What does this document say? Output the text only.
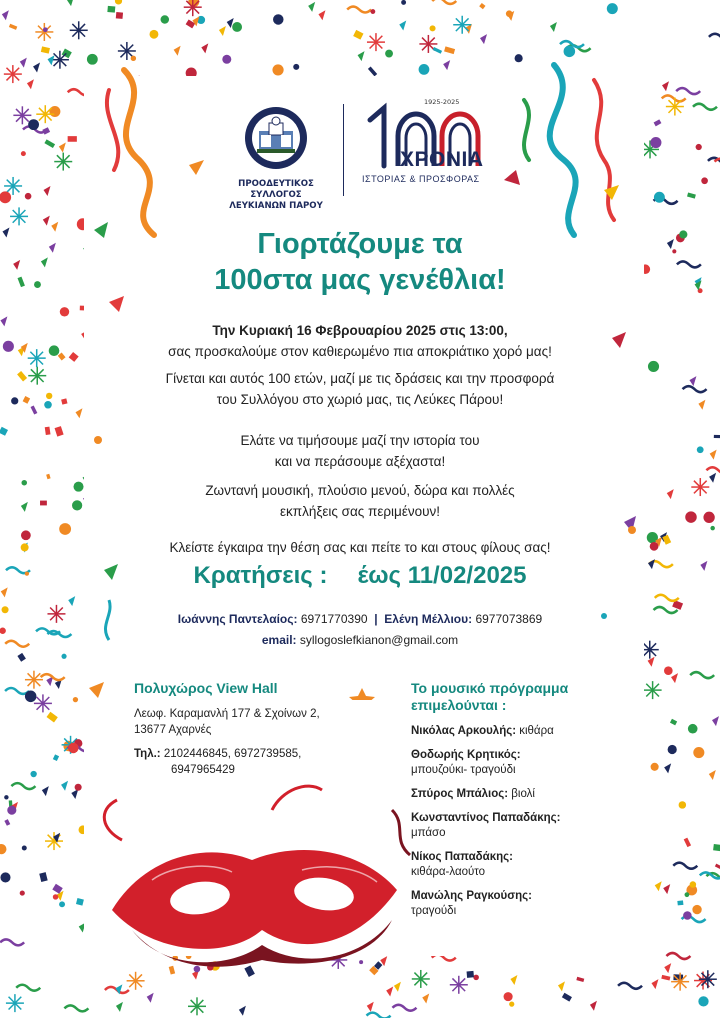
ΠΡΟΟΔΕΥΤΙΚΟΣ ΣΥΛΛΟΓΟΣ
ΛΕΥΚΙΑΝΩΝ ΠΑΡΟΥ
1925-2025
ΧΡΟΝΙΑ
ΙΣΤΟΡΙΑΣ & ΠΡΟΣΦΟΡΑΣ
Γιορτάζουμε τα
100στα μας γενέθλια!
Την Κυριακή 16 Φεβρουαρίου 2025 στις 13:00,
σας προσκαλούμε στον καθιερωμένο πια αποκριάτικο χορό μας!
Γίνεται και αυτός 100 ετών, μαζί με τις δράσεις και την προσφορά
του Συλλόγου στο χωριό μας, τις Λεύκες Πάρου!
Ελάτε να τιμήσουμε μαζί την ιστορία του
και να περάσουμε αξέχαστα!
Ζωντανή μουσική, πλούσιο μενού, δώρα και πολλές
εκπλήξεις σας περιμένουν!
Κλείστε έγκαιρα την θέση σας και πείτε το και στους φίλους σας!
Κρατήσεις : έως 11/02/2025
Ιωάννης Παντελαίος: 6971770390 | Ελένη Μέλλιου: 6977073869
email: syllogoslefkianon@gmail.com
Πολυχώρος View Hall
Λεωφ. Καραμανλή 177 & Σχοίνων 2,
13677 Αχαρνές
Τηλ.: 2102446845, 6972739585,
6947965429
Το μουσικό πρόγραμμα
επιμελούνται :
Νικόλας Αρκουλής: κιθάρα
Θοδωρής Κρητικός:
μπουζούκι- τραγούδι
Σπύρος Μπάλιος: βιολί
Κωνσταντίνος Παπαδάκης:
μπάσο
Νίκος Παπαδάκης:
κιθάρα-λαούτο
Μανώλης Ραγκούσης:
τραγούδι
